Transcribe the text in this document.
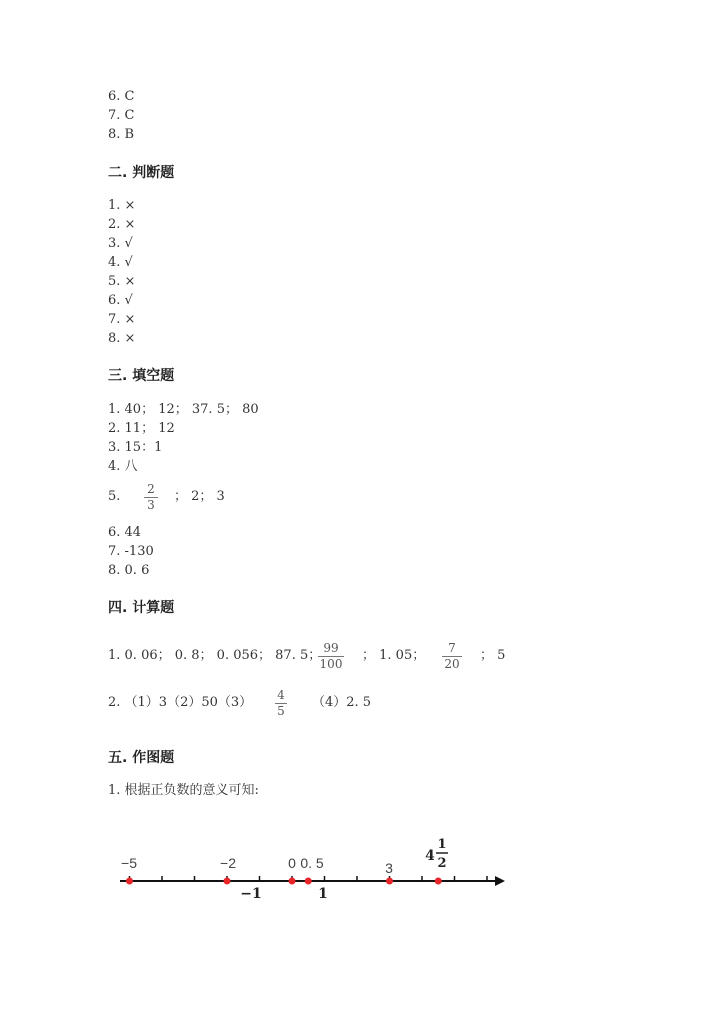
6. C
7. C
8. B
二. 判断题
1. ×
2. ×
3. √
4. √
5. ×
6. √
7. ×
8. ×
三. 填空题
1. 40； 12； 37. 5； 80
2. 11； 12
3. 15：1
4. 八
5. 2
3
； 2； 3
6. 44
7. -130
8. 0. 6
四. 计算题
1. 0. 06； 0. 8； 0. 056； 87. 5； 99
100
； 1. 05；	7
20
； 5
2. （1）3（2）50（3） 4
5
（4）2. 5
五. 作图题
1. 根据正负数的意义可知:
−5	−2	0 0. 5	3
4
1
2
−1	1
